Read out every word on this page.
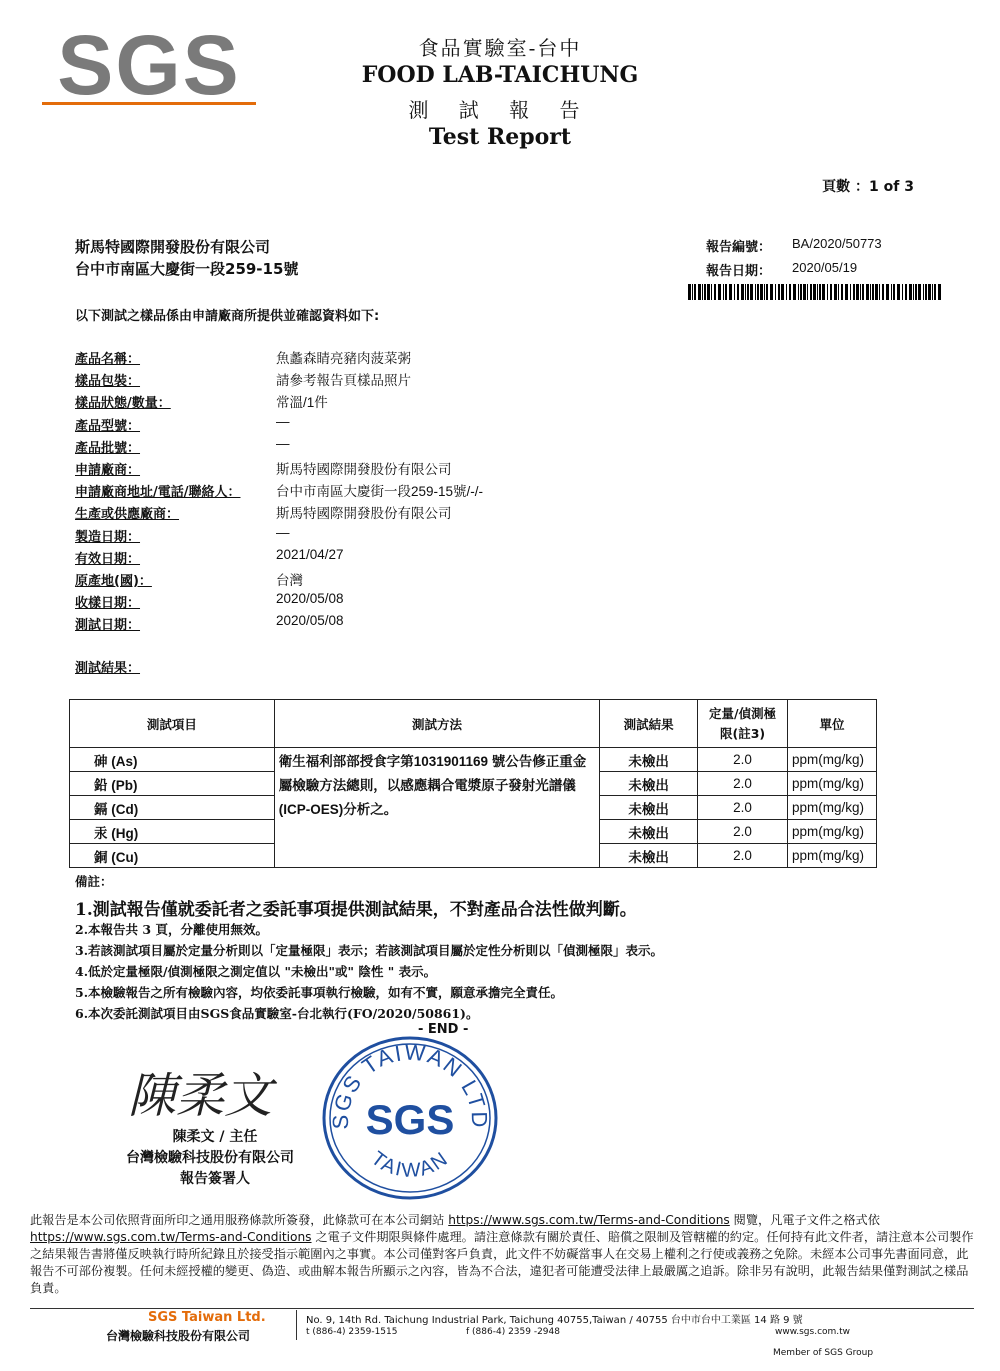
SGS	食品實驗室-台中
FOOD LAB-TAICHUNG
測 試 報 告
Test Report
頁數 ：1 of 3
斯馬特國際開發股份有限公司
台中市南區大慶街一段259-15號
報告編號： BA/2020/50773
報告日期： 2020/05/19
以下測試之樣品係由申請廠商所提供並確認資料如下:
產品名稱：	魚蠡森睛亮豬肉菠菜粥
樣品包裝：	請參考報告頁樣品照片
樣品狀態/數量：	常溫/1件
產品型號：	—
產品批號：	—
申請廠商：	斯馬特國際開發股份有限公司
申請廠商地址/電話/聯絡人：	台中市南區大慶街一段259-15號/-/-
生產或供應廠商：	斯馬特國際開發股份有限公司
製造日期：	—
有效日期：	2021/04/27
原產地(國)：	台灣
收樣日期：	2020/05/08
測試日期：	2020/05/08
測試結果：
測試項目	測試方法	測試結果	定量/偵測極限(註3)	單位
砷 (As)	衛生福利部部授食字第1031901169 號公告修正重金屬檢驗方法總則，以感應耦合電漿原子發射光譜儀(ICP-OES)分析之。	未檢出	2.0	ppm(mg/kg)
鉛 (Pb)		未檢出	2.0	ppm(mg/kg)
鎘 (Cd)		未檢出	2.0	ppm(mg/kg)
汞 (Hg)		未檢出	2.0	ppm(mg/kg)
銅 (Cu)		未檢出	2.0	ppm(mg/kg)
備註：
1.測試報告僅就委託者之委託事項提供測試結果，不對產品合法性做判斷。
2.本報告共 3 頁，分離使用無效。
3.若該測試項目屬於定量分析則以「定量極限」表示；若該測試項目屬於定性分析則以「偵測極限」表示。
4.低於定量極限/偵測極限之測定值以 "未檢出"或" 陰性 " 表示。
5.本檢驗報告之所有檢驗內容，均依委託事項執行檢驗，如有不實，願意承擔完全責任。
6.本次委託測試項目由SGS食品實驗室-台北執行(FO/2020/50861)。
SGS TAIWAN LTD
SGS
TAIWAN
- END -
陳柔文
陳柔文 / 主任
台灣檢驗科技股份有限公司
報告簽署人
此報告是本公司依照背面所印之通用服務條款所簽發，此條款可在本公司網站 https://www.sgs.com.tw/Terms-and-Conditions 閱覽，凡電子文件之格式依 https://www.sgs.com.tw/Terms-and-Conditions 之電子文件期限與條件處理。請注意條款有關於責任、賠償之限制及管轄權的約定。任何持有此文件者，請注意本公司製作之結果報告書將僅反映執行時所紀錄且於接受指示範圍內之事實。本公司僅對客戶負責，此文件不妨礙當事人在交易上權利之行使或義務之免除。未經本公司事先書面同意，此報告不可部份複製。任何未經授權的變更、偽造、或曲解本報告所顯示之內容，皆為不合法，違犯者可能遭受法律上最嚴厲之追訴。除非另有說明，此報告結果僅對測試之樣品負責。
SGS Taiwan Ltd.
台灣檢驗科技股份有限公司
No. 9, 14th Rd. Taichung Industrial Park, Taichung 40755,Taiwan / 40755 台中市台中工業區 14 路 9 號
t (886-4) 2359-1515	f (886-4) 2359 -2948	www.sgs.com.tw
Member of SGS Group
